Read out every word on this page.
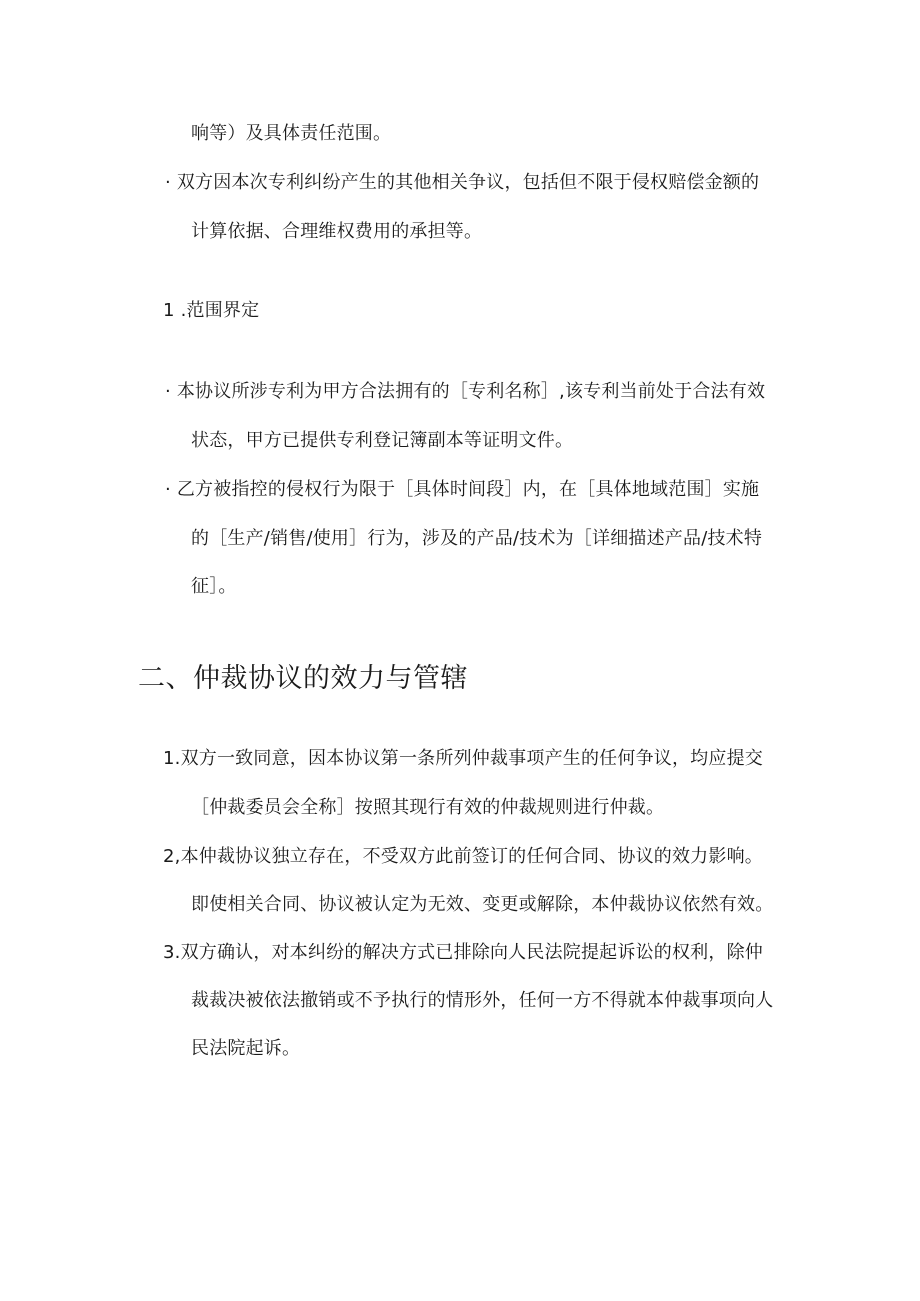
响等）及具体责任范围。
· 双方因本次专利纠纷产生的其他相关争议，包括但不限于侵权赔偿金额的
计算依据、合理维权费用的承担等。
1 .范围界定
· 本协议所涉专利为甲方合法拥有的［专利名称］,该专利当前处于合法有效
状态，甲方已提供专利登记簿副本等证明文件。
· 乙方被指控的侵权行为限于［具体时间段］内，在［具体地域范围］实施
的［生产/销售/使用］行为，涉及的产品/技术为［详细描述产品/技术特
征］。
二、仲裁协议的效力与管辖
1.双方一致同意，因本协议第一条所列仲裁事项产生的任何争议，均应提交
［仲裁委员会全称］按照其现行有效的仲裁规则进行仲裁。
2,本仲裁协议独立存在，不受双方此前签订的任何合同、协议的效力影响。
即使相关合同、协议被认定为无效、变更或解除，本仲裁协议依然有效。
3.双方确认，对本纠纷的解决方式已排除向人民法院提起诉讼的权利，除仲
裁裁决被依法撤销或不予执行的情形外，任何一方不得就本仲裁事项向人
民法院起诉。
